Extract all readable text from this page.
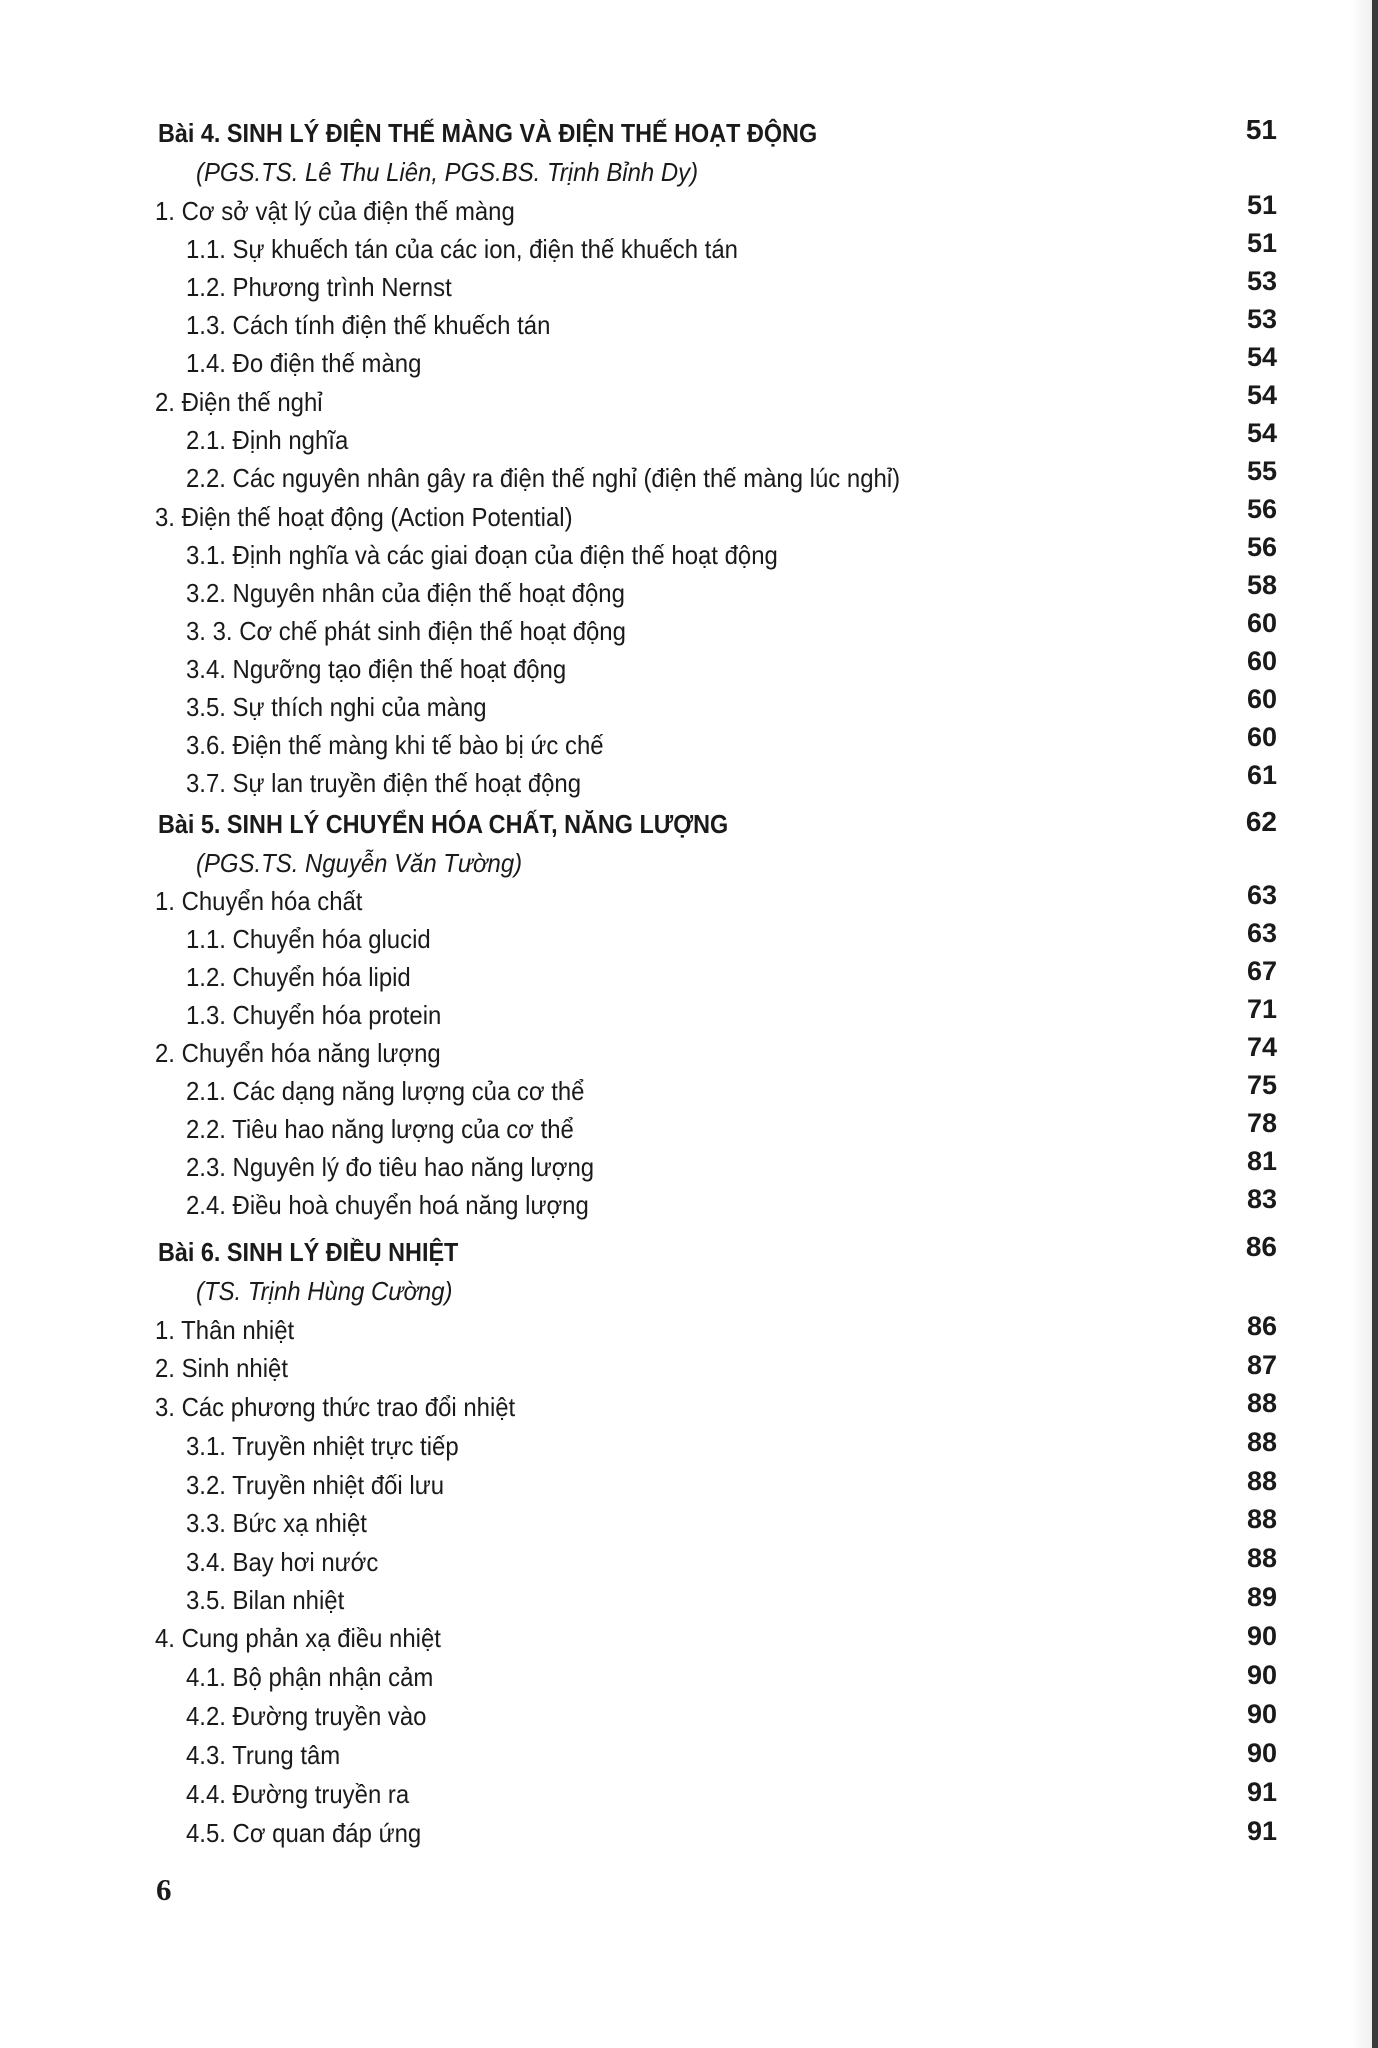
Bài 4. SINH LÝ ĐIỆN THẾ MÀNG VÀ ĐIỆN THẾ HOẠT ĐỘNG	51
(PGS.TS. Lê Thu Liên, PGS.BS. Trịnh Bỉnh Dy)
1. Cơ sở vật lý của điện thế màng	51
1.1. Sự khuếch tán của các ion, điện thế khuếch tán	51
1.2. Phương trình Nernst	53
1.3. Cách tính điện thế khuếch tán	53
1.4. Đo điện thế màng	54
2. Điện thế nghỉ	54
2.1. Định nghĩa	54
2.2. Các nguyên nhân gây ra điện thế nghỉ (điện thế màng lúc nghỉ)	55
3. Điện thế hoạt động (Action Potential)	56
3.1. Định nghĩa và các giai đoạn của điện thế hoạt động	56
3.2. Nguyên nhân của điện thế hoạt động	58
3. 3. Cơ chế phát sinh điện thế hoạt động	60
3.4. Ngưỡng tạo điện thế hoạt động	60
3.5. Sự thích nghi của màng	60
3.6. Điện thế màng khi tế bào bị ức chế	60
3.7. Sự lan truyền điện thế hoạt động	61
Bài 5. SINH LÝ CHUYỂN HÓA CHẤT, NĂNG LƯỢNG	62
(PGS.TS. Nguyễn Văn Tường)
1. Chuyển hóa chất	63
1.1. Chuyển hóa glucid	63
1.2. Chuyển hóa lipid	67
1.3. Chuyển hóa protein	71
2. Chuyển hóa năng lượng	74
2.1. Các dạng năng lượng của cơ thể	75
2.2. Tiêu hao năng lượng của cơ thể	78
2.3. Nguyên lý đo tiêu hao năng lượng	81
2.4. Điều hoà chuyển hoá năng lượng	83
Bài 6. SINH LÝ ĐIỀU NHIỆT	86
(TS. Trịnh Hùng Cường)
1. Thân nhiệt	86
2. Sinh nhiệt	87
3. Các phương thức trao đổi nhiệt	88
3.1. Truyền nhiệt trực tiếp	88
3.2. Truyền nhiệt đối lưu	88
3.3. Bức xạ nhiệt	88
3.4. Bay hơi nước	88
3.5. Bilan nhiệt	89
4. Cung phản xạ điều nhiệt	90
4.1. Bộ phận nhận cảm	90
4.2. Đường truyền vào	90
4.3. Trung tâm	90
4.4. Đường truyền ra	91
4.5. Cơ quan đáp ứng	91
6
